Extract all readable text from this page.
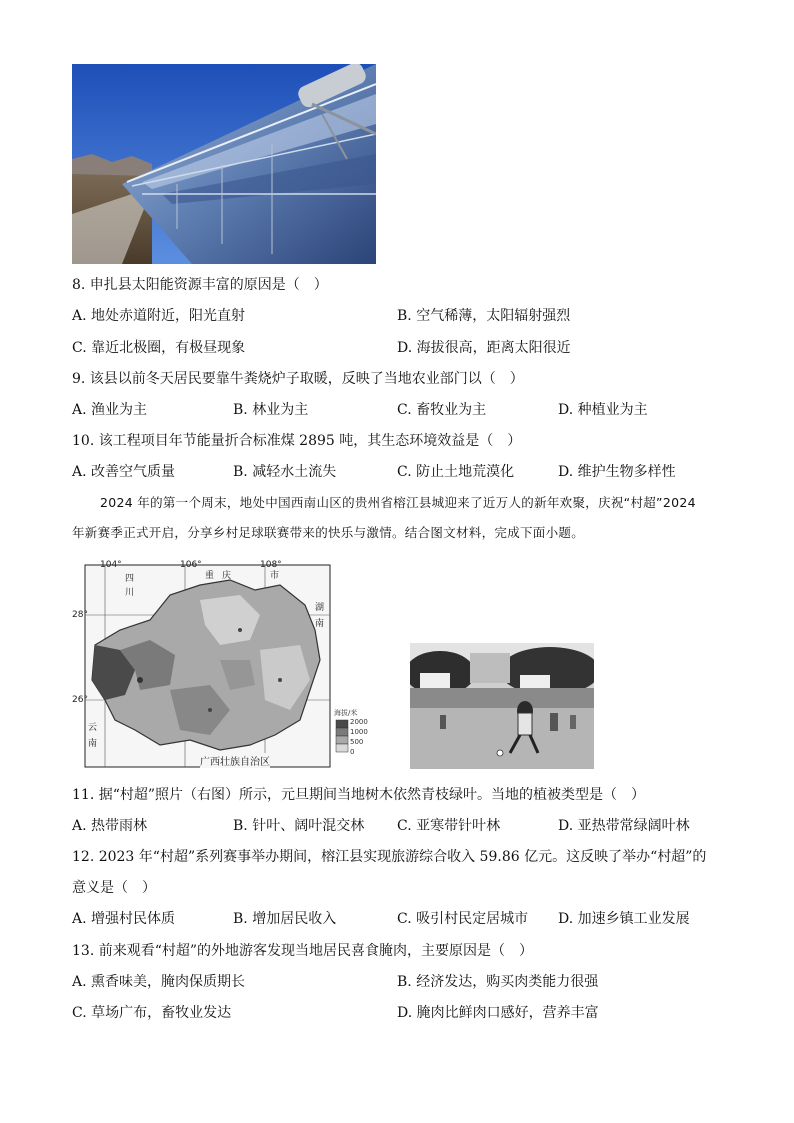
8. 申扎县太阳能资源丰富的原因是（　）
A. 地处赤道附近，阳光直射	B. 空气稀薄，太阳辐射强烈
C. 靠近北极圈，有极昼现象	D. 海拔很高，距离太阳很近
9. 该县以前冬天居民要靠牛粪烧炉子取暖，反映了当地农业部门以（　）
A. 渔业为主	B. 林业为主	C. 畜牧业为主	D. 种植业为主
10. 该工程项目年节能量折合标准煤 2895 吨，其生态环境效益是（　）
A. 改善空气质量	B. 减轻水土流失	C. 防止土地荒漠化	D. 维护生物多样性

2024 年的第一个周末，地处中国西南山区的贵州省榕江县城迎来了近万人的新年欢聚，庆祝“村超”2024

年新赛季正式开启，分享乡村足球联赛带来的快乐与激情。结合图文材料，完成下面小题。

104°	106°	108°
28°
26°
四川
重庆	市
湖南
云南
广西壮族自治区
海拔/米
2000
1000
500
0
11. 据“村超”照片（右图）所示，元旦期间当地树木依然青枝绿叶。当地的植被类型是（　）
A. 热带雨林	B. 针叶、阔叶混交林 C. 亚寒带针叶林	D. 亚热带常绿阔叶林
12. 2023 年“村超”系列赛事举办期间，榕江县实现旅游综合收入 59.86 亿元。这反映了举办“村超”的
意义是（　）
A. 增强村民体质	B. 增加居民收入	C. 吸引村民定居城市 D. 加速乡镇工业发展
13. 前来观看“村超”的外地游客发现当地居民喜食腌肉，主要原因是（　）
A. 熏香味美，腌肉保质期长	B. 经济发达，购买肉类能力很强
C. 草场广布，畜牧业发达	D. 腌肉比鲜肉口感好，营养丰富
